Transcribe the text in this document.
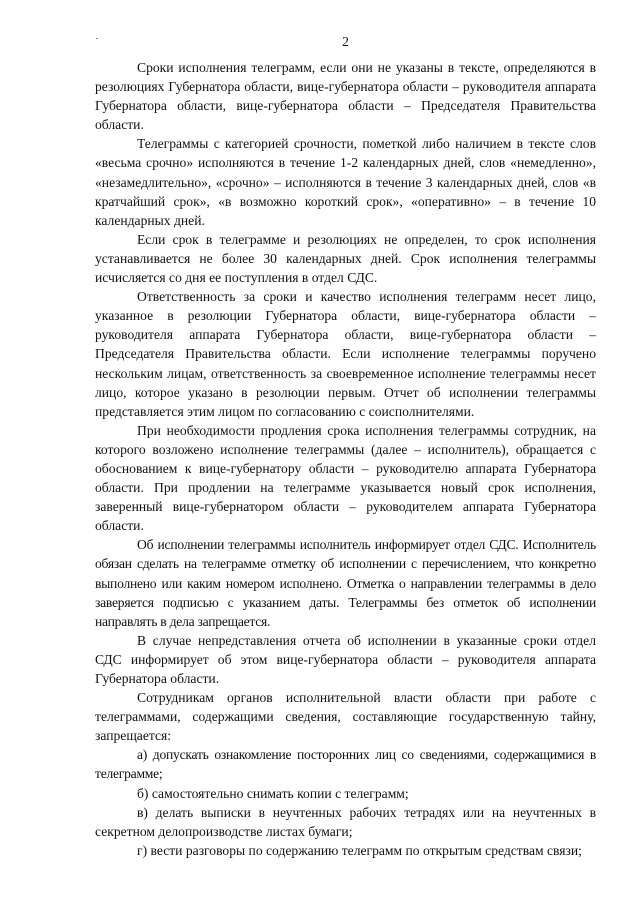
2

Сроки исполнения телеграмм, если они не указаны в тексте, определяются в резолюциях Губернатора области, вице-губернатора области – руководителя аппарата Губернатора области, вице-губернатора области – Председателя Правительства области.

Телеграммы с категорией срочности, пометкой либо наличием в тексте слов «весьма срочно» исполняются в течение 1-2 календарных дней, слов «немедленно», «незамедлительно», «срочно» – исполняются в течение 3 календарных дней, слов «в кратчайший срок», «в возможно короткий срок», «оперативно» – в течение 10 календарных дней.

Если срок в телеграмме и резолюциях не определен, то срок исполнения устанавливается не более 30 календарных дней. Срок исполнения телеграммы исчисляется со дня ее поступления в отдел СДС.

Ответственность за сроки и качество исполнения телеграмм несет лицо, указанное в резолюции Губернатора области, вице-губернатора области – руководителя аппарата Губернатора области, вице-губернатора области – Председателя Правительства области. Если исполнение телеграммы поручено нескольким лицам, ответственность за своевременное исполнение телеграммы несет лицо, которое указано в резолюции первым. Отчет об исполнении телеграммы представляется этим лицом по согласованию с соисполнителями.

При необходимости продления срока исполнения телеграммы сотрудник, на которого возложено исполнение телеграммы (далее – исполнитель), обращается с обоснованием к вице-губернатору области – руководителю аппарата Губернатора области. При продлении на телеграмме указывается новый срок исполнения, заверенный вице-губернатором области – руководителем аппарата Губернатора области.

Об исполнении телеграммы исполнитель информирует отдел СДС. Исполнитель обязан сделать на телеграмме отметку об исполнении с перечислением, что конкретно выполнено или каким номером исполнено. Отметка о направлении телеграммы в дело заверяется подписью с указанием даты. Телеграммы без отметок об исполнении направлять в дела запрещается.

В случае непредставления отчета об исполнении в указанные сроки отдел СДС информирует об этом вице-губернатора области – руководителя аппарата Губернатора области.

Сотрудникам органов исполнительной власти области при работе с телеграммами, содержащими сведения, составляющие государственную тайну, запрещается:

а) допускать ознакомление посторонних лиц со сведениями, содержащимися в телеграмме;

б) самостоятельно снимать копии с телеграмм;

в) делать выписки в неучтенных рабочих тетрадях или на неучтенных в секретном делопроизводстве листах бумаги;

г) вести разговоры по содержанию телеграмм по открытым средствам связи;
